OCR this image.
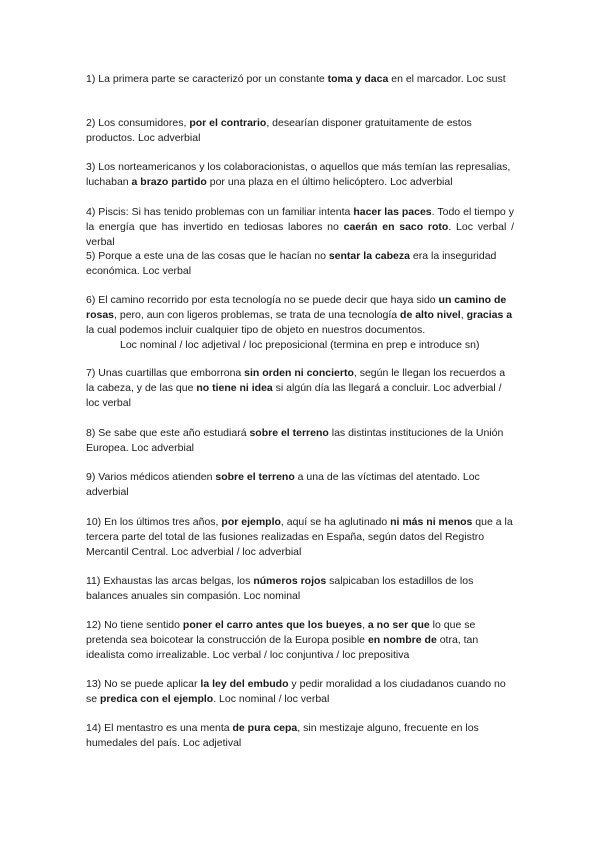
1) La primera parte se caracterizó por un constante toma y daca en el marcador. Loc sust

2) Los consumidores, por el contrario, desearían disponer gratuitamente de estos productos. Loc adverbial

3) Los norteamericanos y los colaboracionistas, o aquellos que más temían las represalias, luchaban a brazo partido por una plaza en el último helicóptero. Loc adverbial

4) Piscis: Si has tenido problemas con un familiar intenta hacer las paces. Todo el tiempo y la energía que has invertido en tediosas labores no caerán en saco roto. Loc verbal / verbal

5) Porque a este una de las cosas que le hacían no sentar la cabeza era la inseguridad económica. Loc verbal

6) El camino recorrido por esta tecnología no se puede decir que haya sido un camino de rosas, pero, aun con ligeros problemas, se trata de una tecnología de alto nivel, gracias a la cual podemos incluir cualquier tipo de objeto en nuestros documentos.

Loc nominal / loc adjetival / loc preposicional (termina en prep e introduce sn)

7) Unas cuartillas que emborrona sin orden ni concierto, según le llegan los recuerdos a la cabeza, y de las que no tiene ni idea si algún día las llegará a concluir. Loc adverbial / loc verbal

8) Se sabe que este año estudiará sobre el terreno las distintas instituciones de la Unión Europea. Loc adverbial

9) Varios médicos atienden sobre el terreno a una de las víctimas del atentado. Loc adverbial

10) En los últimos tres años, por ejemplo, aquí se ha aglutinado ni más ni menos que a la tercera parte del total de las fusiones realizadas en España, según datos del Registro Mercantil Central. Loc adverbial / loc adverbial

11) Exhaustas las arcas belgas, los números rojos salpicaban los estadillos de los balances anuales sin compasión. Loc nominal

12) No tiene sentido poner el carro antes que los bueyes, a no ser que lo que se pretenda sea boicotear la construcción de la Europa posible en nombre de otra, tan idealista como irrealizable. Loc verbal / loc conjuntiva / loc prepositiva

13) No se puede aplicar la ley del embudo y pedir moralidad a los ciudadanos cuando no se predica con el ejemplo. Loc nominal / loc verbal

14) El mentastro es una menta de pura cepa, sin mestizaje alguno, frecuente en los humedales del país. Loc adjetival
